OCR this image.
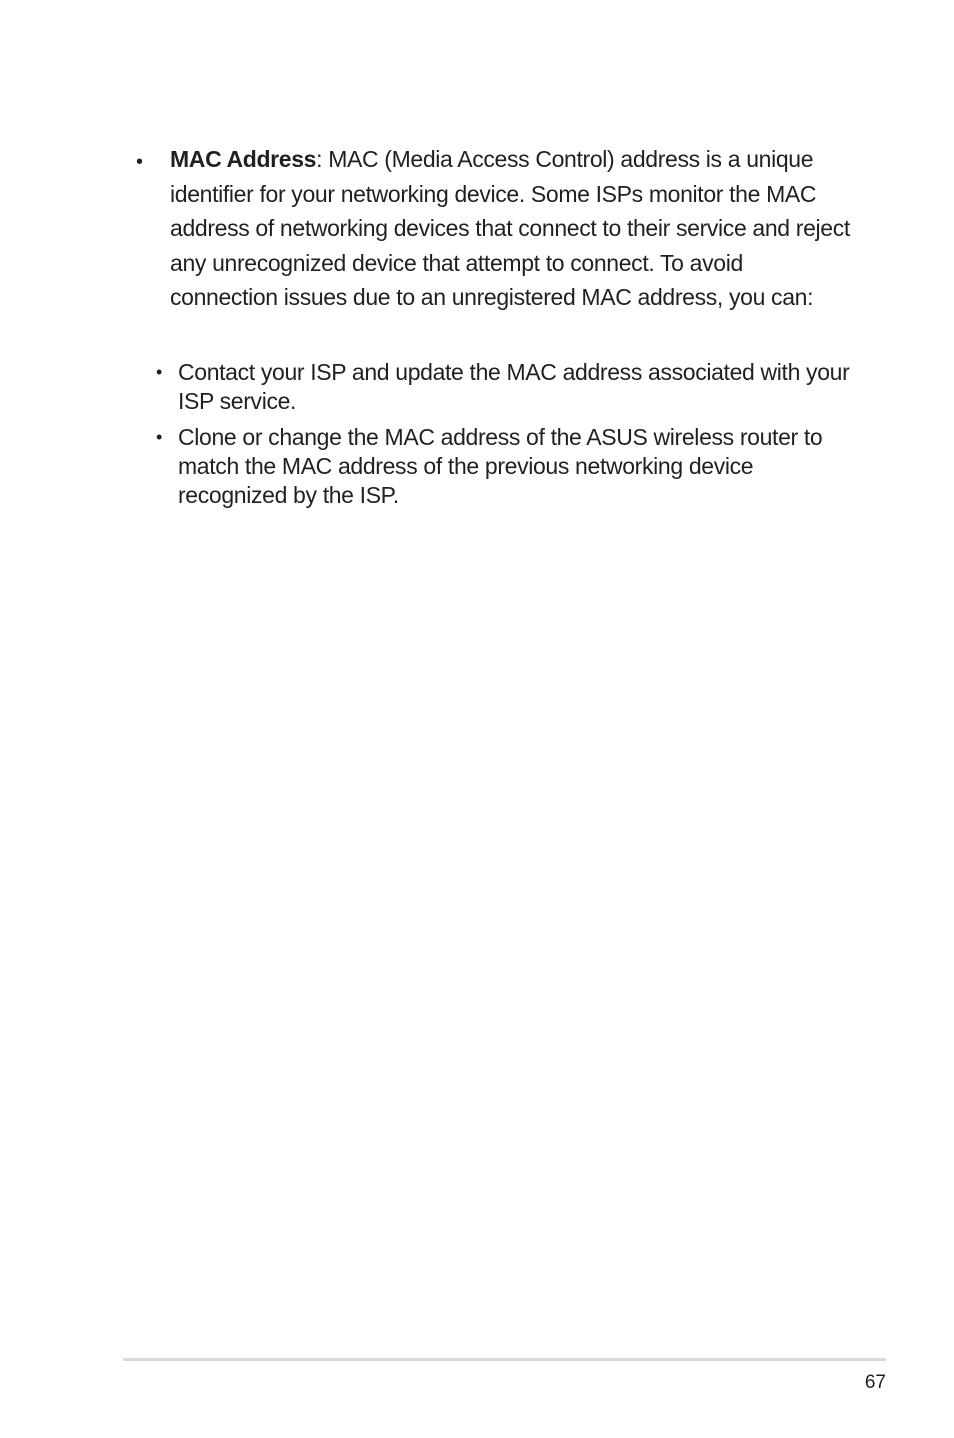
• MAC Address: MAC (Media Access Control) address is a unique identifier for your networking device. Some ISPs monitor the MAC address of networking devices that connect to their service and reject any unrecognized device that attempt to connect. To avoid connection issues due to an unregistered MAC address, you can:
• Contact your ISP and update the MAC address associated with your ISP service.
• Clone or change the MAC address of the ASUS wireless router to match the MAC address of the previous networking device recognized by the ISP.
67
